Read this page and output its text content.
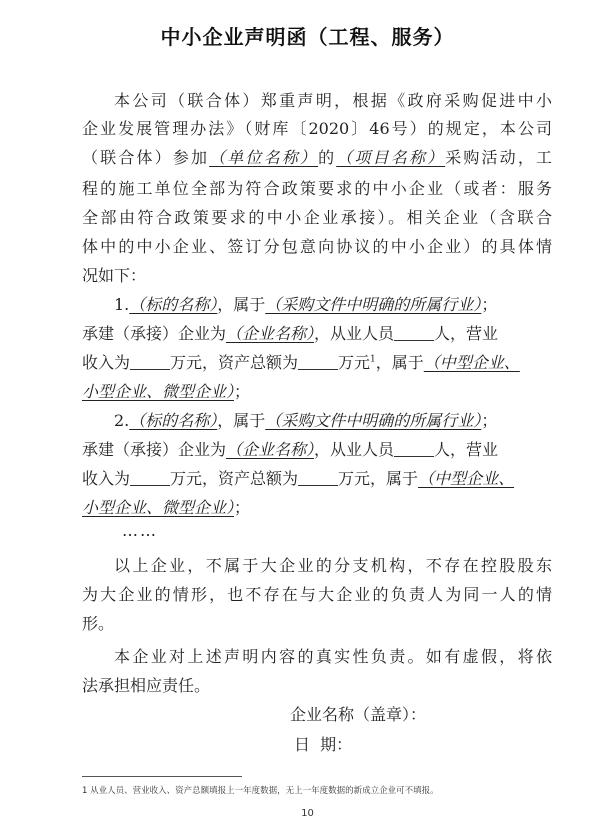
中小企业声明函（工程、服务）
本公司（联合体）郑重声明，根据《政府采购促进中小
企业发展管理办法》（财库〔2020〕46号）的规定，本公司
（联合体）参加（单位名称）的（项目名称）采购活动，工
程的施工单位全部为符合政策要求的中小企业（或者：服务
全部由符合政策要求的中小企业承接）。相关企业（含联合
体中的中小企业、签订分包意向协议的中小企业）的具体情
况如下：
1.（标的名称），属于（采购文件中明确的所属行业）；
承建（承接）企业为（企业名称），从业人员	人，营业
收入为	万元，资产总额为	万元$^1$，属于（中型企业、
小型企业、微型企业）；
2.（标的名称），属于（采购文件中明确的所属行业）；
承建（承接）企业为（企业名称），从业人员	人，营业
收入为	万元，资产总额为	万元，属于（中型企业、
小型企业、微型企业）；
……
以上企业，不属于大企业的分支机构，不存在控股股东
为大企业的情形，也不存在与大企业的负责人为同一人的情
形。
本企业对上述声明内容的真实性负责。如有虚假，将依
法承担相应责任。
企业名称（盖章）：
日  期：
1 从业人员、营业收入、资产总额填报上一年度数据，无上一年度数据的新成立企业可不填报。
10
